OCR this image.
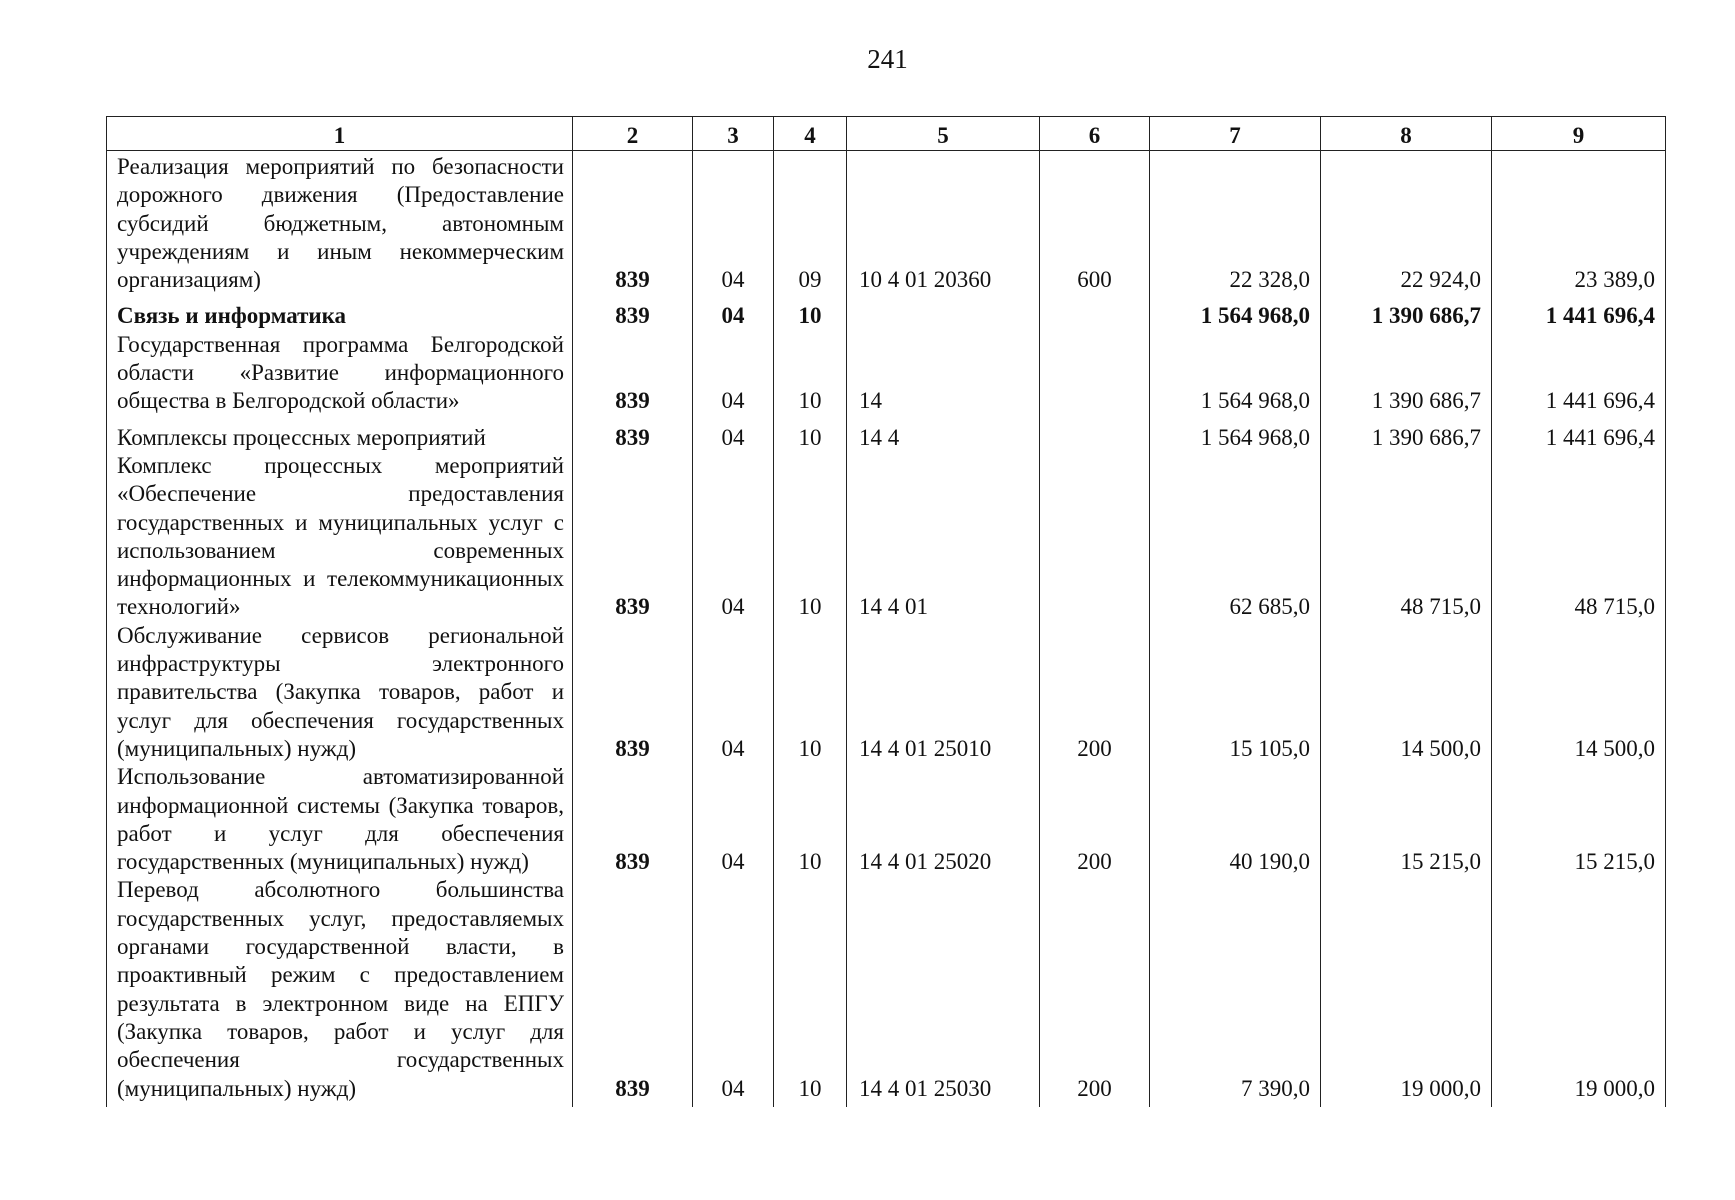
241
1	2	3	4	5	6	7	8	9
Реализация мероприятий по безопасности дорожного движения (Предоставление субсидий бюджетным, автономным учреждениям и иным некоммерческим организациям)	839	04	09	10 4 01 20360	600	22 328,0	22 924,0	23 389,0
Связь и информатика	839	04	10			1 564 968,0	1 390 686,7	1 441 696,4
Государственная программа Белгородской области «Развитие информационного общества в Белгородской области»	839	04	10	14		1 564 968,0	1 390 686,7	1 441 696,4
Комплексы процессных мероприятий	839	04	10	14 4		1 564 968,0	1 390 686,7	1 441 696,4
Комплекс процессных мероприятий «Обеспечение предоставления государственных и муниципальных услуг с использованием современных информационных и телекоммуникационных технологий»	839	04	10	14 4 01		62 685,0	48 715,0	48 715,0
Обслуживание сервисов региональной инфраструктуры электронного правительства (Закупка товаров, работ и услуг для обеспечения государственных (муниципальных) нужд)	839	04	10	14 4 01 25010	200	15 105,0	14 500,0	14 500,0
Использование автоматизированной информационной системы (Закупка товаров, работ и услуг для обеспечения государственных (муниципальных) нужд)	839	04	10	14 4 01 25020	200	40 190,0	15 215,0	15 215,0
Перевод абсолютного большинства государственных услуг, предоставляемых органами государственной власти, в проактивный режим с предоставлением результата в электронном виде на ЕПГУ (Закупка товаров, работ и услуг для обеспечения государственных (муниципальных) нужд)	839	04	10	14 4 01 25030	200	7 390,0	19 000,0	19 000,0
